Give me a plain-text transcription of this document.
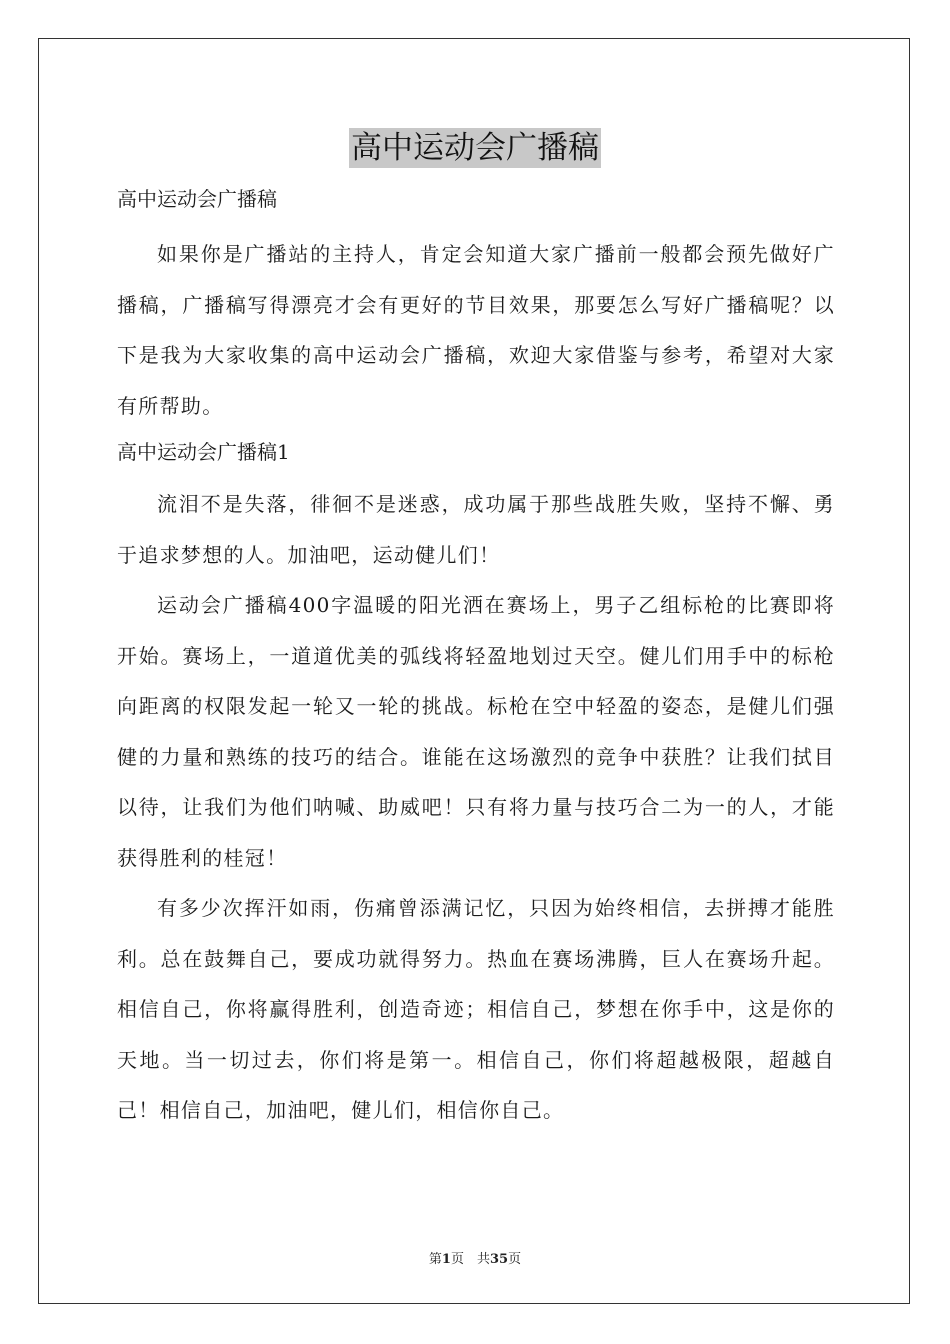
高中运动会广播稿
高中运动会广播稿

如果你是广播站的主持人，肯定会知道大家广播前一般都会预先做好广播稿，广播稿写得漂亮才会有更好的节目效果，那要怎么写好广播稿呢？以下是我为大家收集的高中运动会广播稿，欢迎大家借鉴与参考，希望对大家有所帮助。

高中运动会广播稿1

流泪不是失落，徘徊不是迷惑，成功属于那些战胜失败，坚持不懈、勇于追求梦想的人。加油吧，运动健儿们！

运动会广播稿400字温暖的阳光洒在赛场上，男子乙组标枪的比赛即将开始。赛场上，一道道优美的弧线将轻盈地划过天空。健儿们用手中的标枪向距离的权限发起一轮又一轮的挑战。标枪在空中轻盈的姿态，是健儿们强健的力量和熟练的技巧的结合。谁能在这场激烈的竞争中获胜？让我们拭目以待，让我们为他们呐喊、助威吧！只有将力量与技巧合二为一的人，才能获得胜利的桂冠！

有多少次挥汗如雨，伤痛曾添满记忆，只因为始终相信，去拼搏才能胜利。总在鼓舞自己，要成功就得努力。热血在赛场沸腾，巨人在赛场升起。相信自己，你将赢得胜利，创造奇迹；相信自己，梦想在你手中，这是你的天地。当一切过去，你们将是第一。相信自己，你们将超越极限，超越自己！相信自己，加油吧，健儿们，相信你自己。

第1页　共35页
